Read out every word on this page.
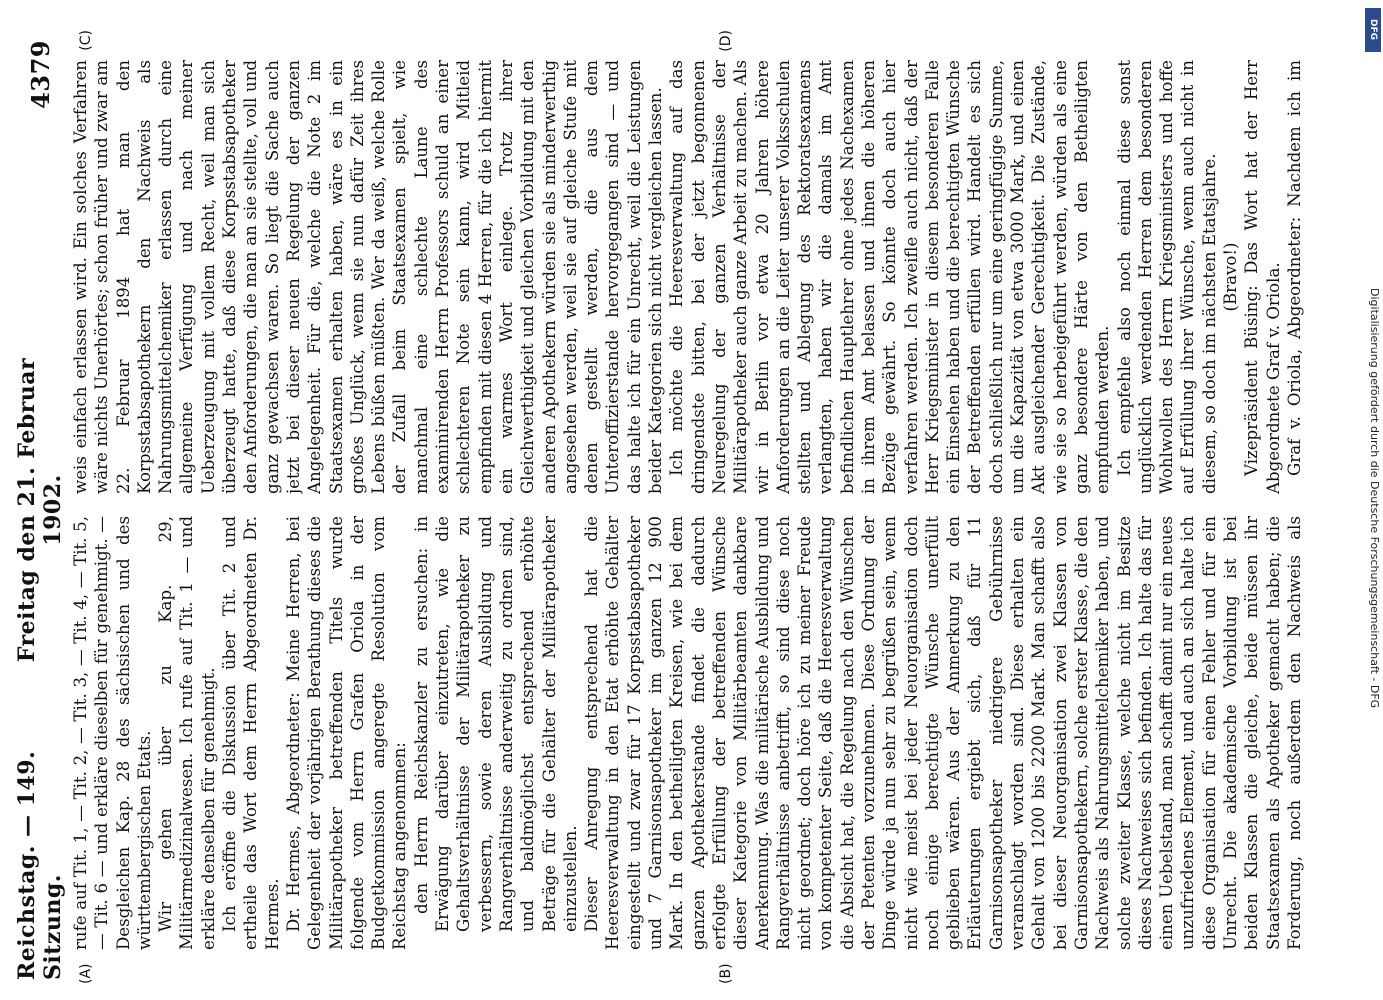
Reichstag. — 149. Sitzung.
Freitag den 21. Februar 1902.
4379
(A)	(B)
(C)	(D)

rufe auf Tit. 1, — Tit. 2, — Tit. 3, — Tit. 4, — Tit. 5, — Tit. 6 — und erkläre dieselben für genehmigt. — Desgleichen Kap. 28 des sächsischen und des württembergischen Etats. Wir gehen über zu Kap. 29, Militärmedizinalwesen. Ich rufe auf Tit. 1 — und erkläre denselben für genehmigt. Ich eröffne die Diskussion über Tit. 2 und ertheile das Wort dem Herrn Abgeordneten Dr. Hermes. Dr. Hermes, Abgeordneter: Meine Herren, bei Gelegenheit der vorjährigen Berathung dieses die Militärapotheker betreffenden Titels wurde folgende vom Herrn Grafen Oriola in der Budgetkommission angeregte Resolution vom Reichstag angenommen: den Herrn Reichskanzler zu ersuchen: in Erwägung darüber einzutreten, wie die Gehaltsverhältnisse der Militärapotheker zu verbessern, sowie deren Ausbildung und Rangverhältnisse anderweitig zu ordnen sind, und baldmöglichst entsprechend erhöhte Beträge für die Gehälter der Militärapotheker einzustellen. Dieser Anregung entsprechend hat die Heeresverwaltung in den Etat erhöhte Gehälter eingestellt und zwar für 17 Korpsstabsapotheker und 7 Garnisonsapotheker im ganzen 12 900 Mark. In den betheiligten Kreisen, wie bei dem ganzen Apothekerstande findet die dadurch erfolgte Erfüllung der betreffenden Wünsche dieser Kategorie von Militärbeamten dankbare Anerkennung. Was die militärische Ausbildung und Rangverhältnisse anbetrifft, so sind diese noch nicht geordnet; doch höre ich zu meiner Freude von kompetenter Seite, daß die Heeresverwaltung die Absicht hat, die Regelung nach den Wünschen der Petenten vorzunehmen. Diese Ordnung der Dinge würde ja nun sehr zu begrüßen sein, wenn nicht wie meist bei jeder Neuorganisation doch noch einige berechtigte Wünsche unerfüllt geblieben wären. Aus der Anmerkung zu den Erläuterungen ergiebt sich, daß für 11 Garnisonsapotheker niedrigere Gebührnisse veranschlagt worden sind. Diese erhalten ein Gehalt von 1200 bis 2200 Mark. Man schafft also bei dieser Neuorganisation zwei Klassen von Garnisonsapothekern, solche erster Klasse, die den Nachweis als Nahrungsmittelchemiker haben, und solche zweiter Klasse, welche nicht im Besitze dieses Nachweises sich befinden. Ich halte das für einen Uebelstand, man schafft damit nur ein neues unzufriedenes Element, und auch an sich halte ich diese Organisation für einen Fehler und für ein Unrecht. Die akademische Vorbildung ist bei beiden Klassen die gleiche, beide müssen ihr Staatsexamen als Apotheker gemacht haben; die Forderung, noch außerdem den Nachweis als

weis einfach erlassen wird. Ein solches Verfahren wäre nichts Unerhörtes; schon früher und zwar am 22. Februar 1894 hat man den Korpsstabsapothekern den Nachweis als Nahrungsmittelchemiker erlassen durch eine allgemeine Verfügung und nach meiner Ueberzeugung mit vollem Recht, weil man sich überzeugt hatte, daß diese Korpsstabsapotheker den Anforderungen, die man an sie stellte, voll und ganz gewachsen waren. So liegt die Sache auch jetzt bei dieser neuen Regelung der ganzen Angelegenheit. Für die, welche die Note 2 im Staatsexamen erhalten haben, wäre es in ein großes Unglück, wenn sie nun dafür Zeit ihres Lebens büßen müßten. Wer da weiß, welche Rolle der Zufall beim Staatsexamen spielt, wie manchmal eine schlechte Laune des examinirenden Herrn Professors schuld an einer schlechteren Note sein kann, wird Mitleid empfinden mit diesen 4 Herren, für die ich hiermit ein warmes Wort einlege. Trotz ihrer Gleichwerthigkeit und gleichen Vorbildung mit den anderen Apothekern würden sie als minderwerthig angesehen werden, weil sie auf gleiche Stufe mit denen gestellt werden, die aus dem Unteroffizierstande hervorgegangen sind — und das halte ich für ein Unrecht, weil die Leistungen beider Kategorien sich nicht vergleichen lassen. Ich möchte die Heeresverwaltung auf das dringendste bitten, bei der jetzt begonnenen Neuregelung der ganzen Verhältnisse der Militärapotheker auch ganze Arbeit zu machen. Als wir in Berlin vor etwa 20 Jahren höhere Anforderungen an die Leiter unserer Volksschulen stellten und Ablegung des Rektoratsexamens verlangten, haben wir die damals im Amt befindlichen Hauptlehrer ohne jedes Nachexamen in ihrem Amt belassen und ihnen die höheren Bezüge gewährt. So könnte doch auch hier verfahren werden. Ich zweifle auch nicht, daß der Herr Kriegsminister in diesem besonderen Falle ein Einsehen haben und die berechtigten Wünsche der Betreffenden erfüllen wird. Handelt es sich doch schließlich nur um eine geringfügige Summe, um die Kapazität von etwa 3000 Mark, und einen Akt ausgleichender Gerechtigkeit. Die Zustände, wie sie so herbeigeführt werden, würden als eine ganz besondere Härte von den Betheiligten empfunden werden. Ich empfehle also noch einmal diese sonst unglücklich werdenden Herren dem besonderen Wohlwollen des Herrn Kriegsministers und hoffe auf Erfüllung ihrer Wünsche, wenn auch nicht in diesem, so doch im nächsten Etatsjahre. (Bravo!) Vizepräsident Büsing: Das Wort hat der Herr Abgeordnete Graf v. Oriola. Graf v. Oriola, Abgeordneter: Nachdem ich im

Digitalisierung gefördert durch die Deutsche Forschungsgemeinschaft - DFG
DFG
